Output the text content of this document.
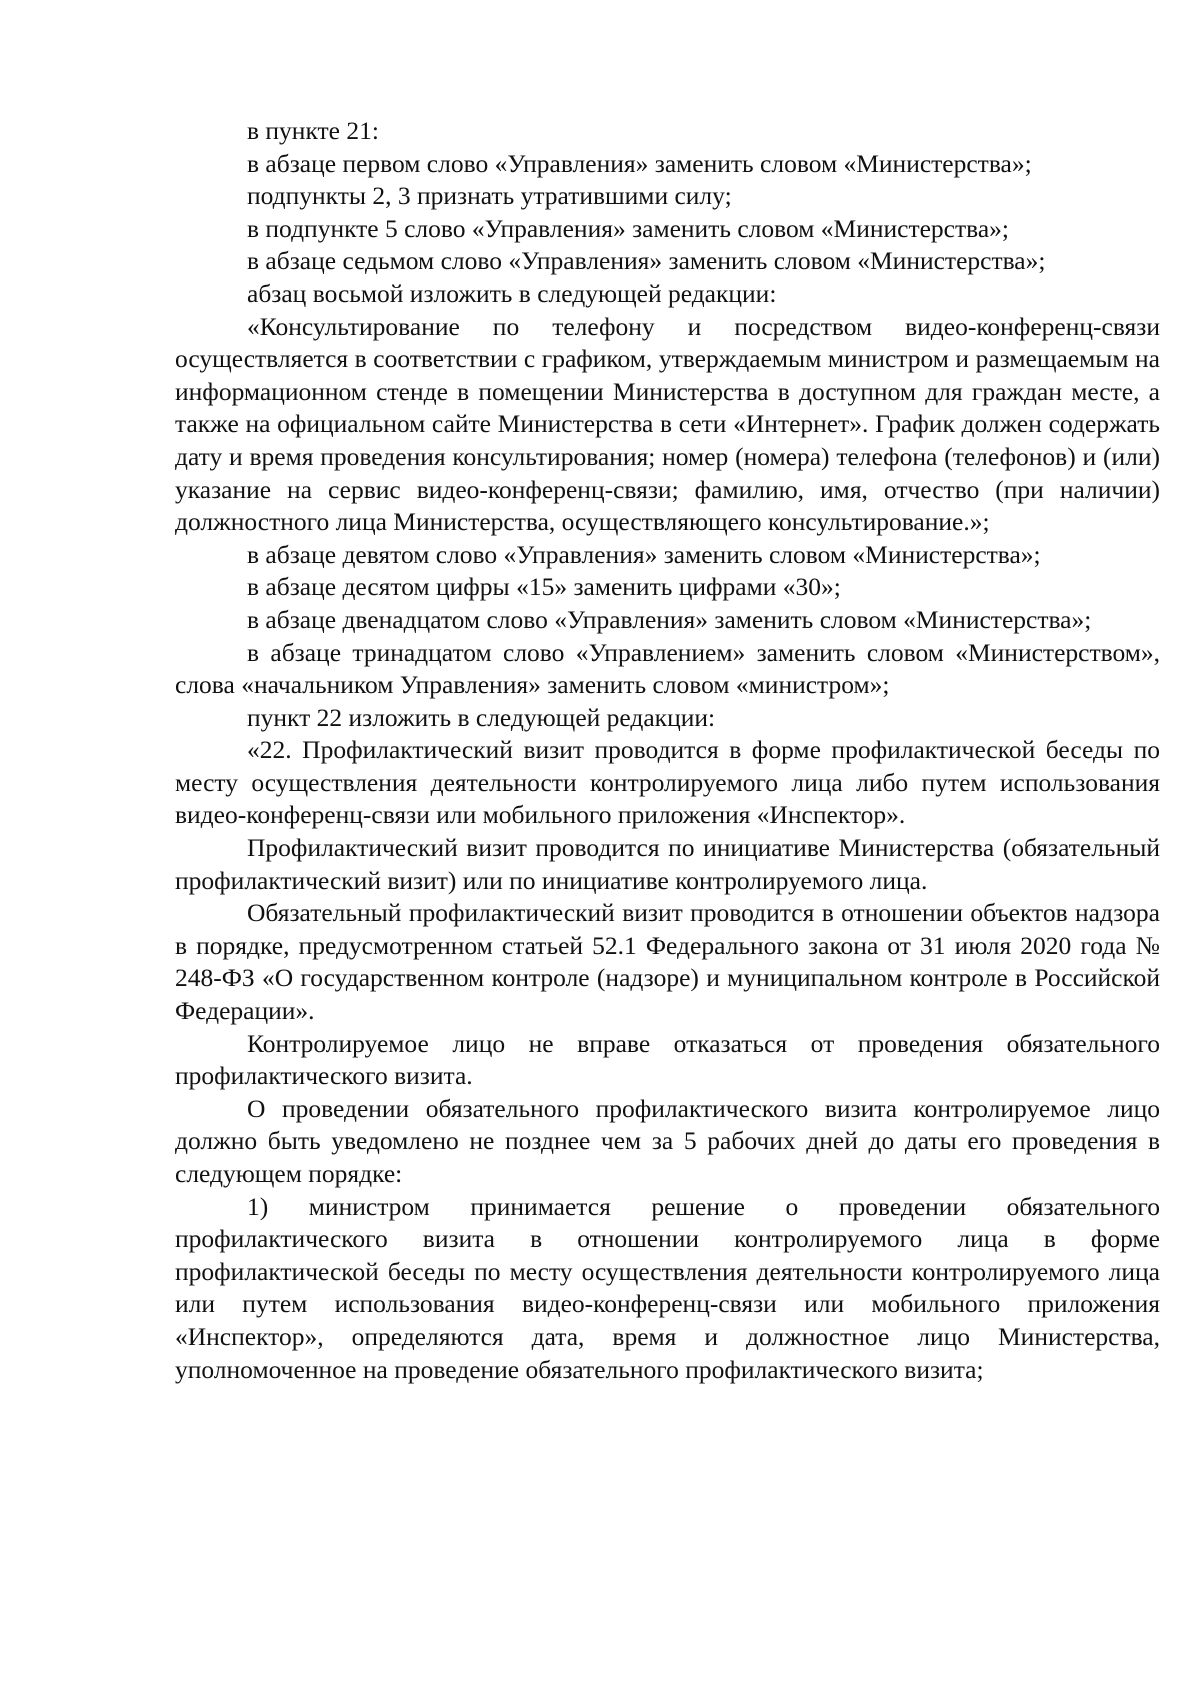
в пункте 21:

в абзаце первом слово «Управления» заменить словом «Министерства»;

подпункты 2, 3 признать утратившими силу;

в подпункте 5 слово «Управления» заменить словом «Министерства»;

в абзаце седьмом слово «Управления» заменить словом «Министерства»;

абзац восьмой изложить в следующей редакции:

«Консультирование по телефону и посредством видео-конференц-связи осуществляется в соответствии с графиком, утверждаемым министром и размещаемым на информационном стенде в помещении Министерства в доступном для граждан месте, а также на официальном сайте Министерства в сети «Интернет». График должен содержать дату и время проведения консультирования; номер (номера) телефона (телефонов) и (или) указание на сервис видео-конференц-связи; фамилию, имя, отчество (при наличии) должностного лица Министерства, осуществляющего консультирование.»;

в абзаце девятом слово «Управления» заменить словом «Министерства»;

в абзаце десятом цифры «15» заменить цифрами «30»;

в абзаце двенадцатом слово «Управления» заменить словом «Министерства»;

в абзаце тринадцатом слово «Управлением» заменить словом «Министерством», слова «начальником Управления» заменить словом «министром»;

пункт 22 изложить в следующей редакции:

«22. Профилактический визит проводится в форме профилактической беседы по месту осуществления деятельности контролируемого лица либо путем использования видео-конференц-связи или мобильного приложения «Инспектор».

Профилактический визит проводится по инициативе Министерства (обязательный профилактический визит) или по инициативе контролируемого лица.

Обязательный профилактический визит проводится в отношении объектов надзора в порядке, предусмотренном статьей 52.1 Федерального закона от 31 июля 2020 года № 248-ФЗ «О государственном контроле (надзоре) и муниципальном контроле в Российской Федерации».

Контролируемое лицо не вправе отказаться от проведения обязательного профилактического визита.

О проведении обязательного профилактического визита контролируемое лицо должно быть уведомлено не позднее чем за 5 рабочих дней до даты его проведения в следующем порядке:

1) министром принимается решение о проведении обязательного профилактического визита в отношении контролируемого лица в форме профилактической беседы по месту осуществления деятельности контролируемого лица или путем использования видео-конференц-связи или мобильного приложения «Инспектор», определяются дата, время и должностное лицо Министерства, уполномоченное на проведение обязательного профилактического визита;
